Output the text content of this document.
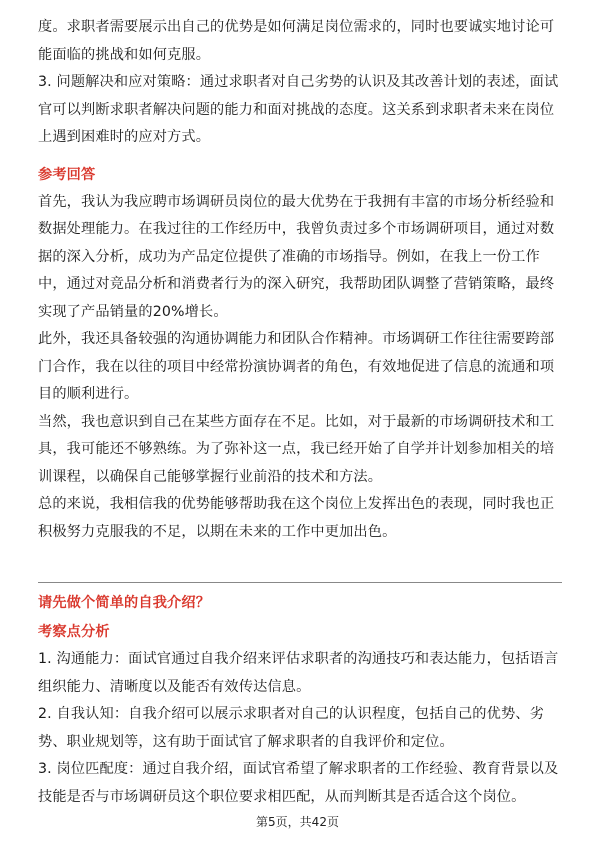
度。求职者需要展示出自己的优势是如何满足岗位需求的，同时也要诚实地讨论可能面临的挑战和如何克服。

3. 问题解决和应对策略：通过求职者对自己劣势的认识及其改善计划的表述，面试官可以判断求职者解决问题的能力和面对挑战的态度。这关系到求职者未来在岗位上遇到困难时的应对方式。

参考回答

首先，我认为我应聘市场调研员岗位的最大优势在于我拥有丰富的市场分析经验和数据处理能力。在我过往的工作经历中，我曾负责过多个市场调研项目，通过对数据的深入分析，成功为产品定位提供了准确的市场指导。例如，在我上一份工作中，通过对竞品分析和消费者行为的深入研究，我帮助团队调整了营销策略，最终实现了产品销量的20%增长。

此外，我还具备较强的沟通协调能力和团队合作精神。市场调研工作往往需要跨部门合作，我在以往的项目中经常扮演协调者的角色，有效地促进了信息的流通和项目的顺利进行。

当然，我也意识到自己在某些方面存在不足。比如，对于最新的市场调研技术和工具，我可能还不够熟练。为了弥补这一点，我已经开始了自学并计划参加相关的培训课程，以确保自己能够掌握行业前沿的技术和方法。

总的来说，我相信我的优势能够帮助我在这个岗位上发挥出色的表现，同时我也正积极努力克服我的不足，以期在未来的工作中更加出色。

请先做个简单的自我介绍？

考察点分析

1. 沟通能力：面试官通过自我介绍来评估求职者的沟通技巧和表达能力，包括语言组织能力、清晰度以及能否有效传达信息。

2. 自我认知：自我介绍可以展示求职者对自己的认识程度，包括自己的优势、劣势、职业规划等，这有助于面试官了解求职者的自我评价和定位。

3. 岗位匹配度：通过自我介绍，面试官希望了解求职者的工作经验、教育背景以及技能是否与市场调研员这个职位要求相匹配，从而判断其是否适合这个岗位。

第5页，共42页
